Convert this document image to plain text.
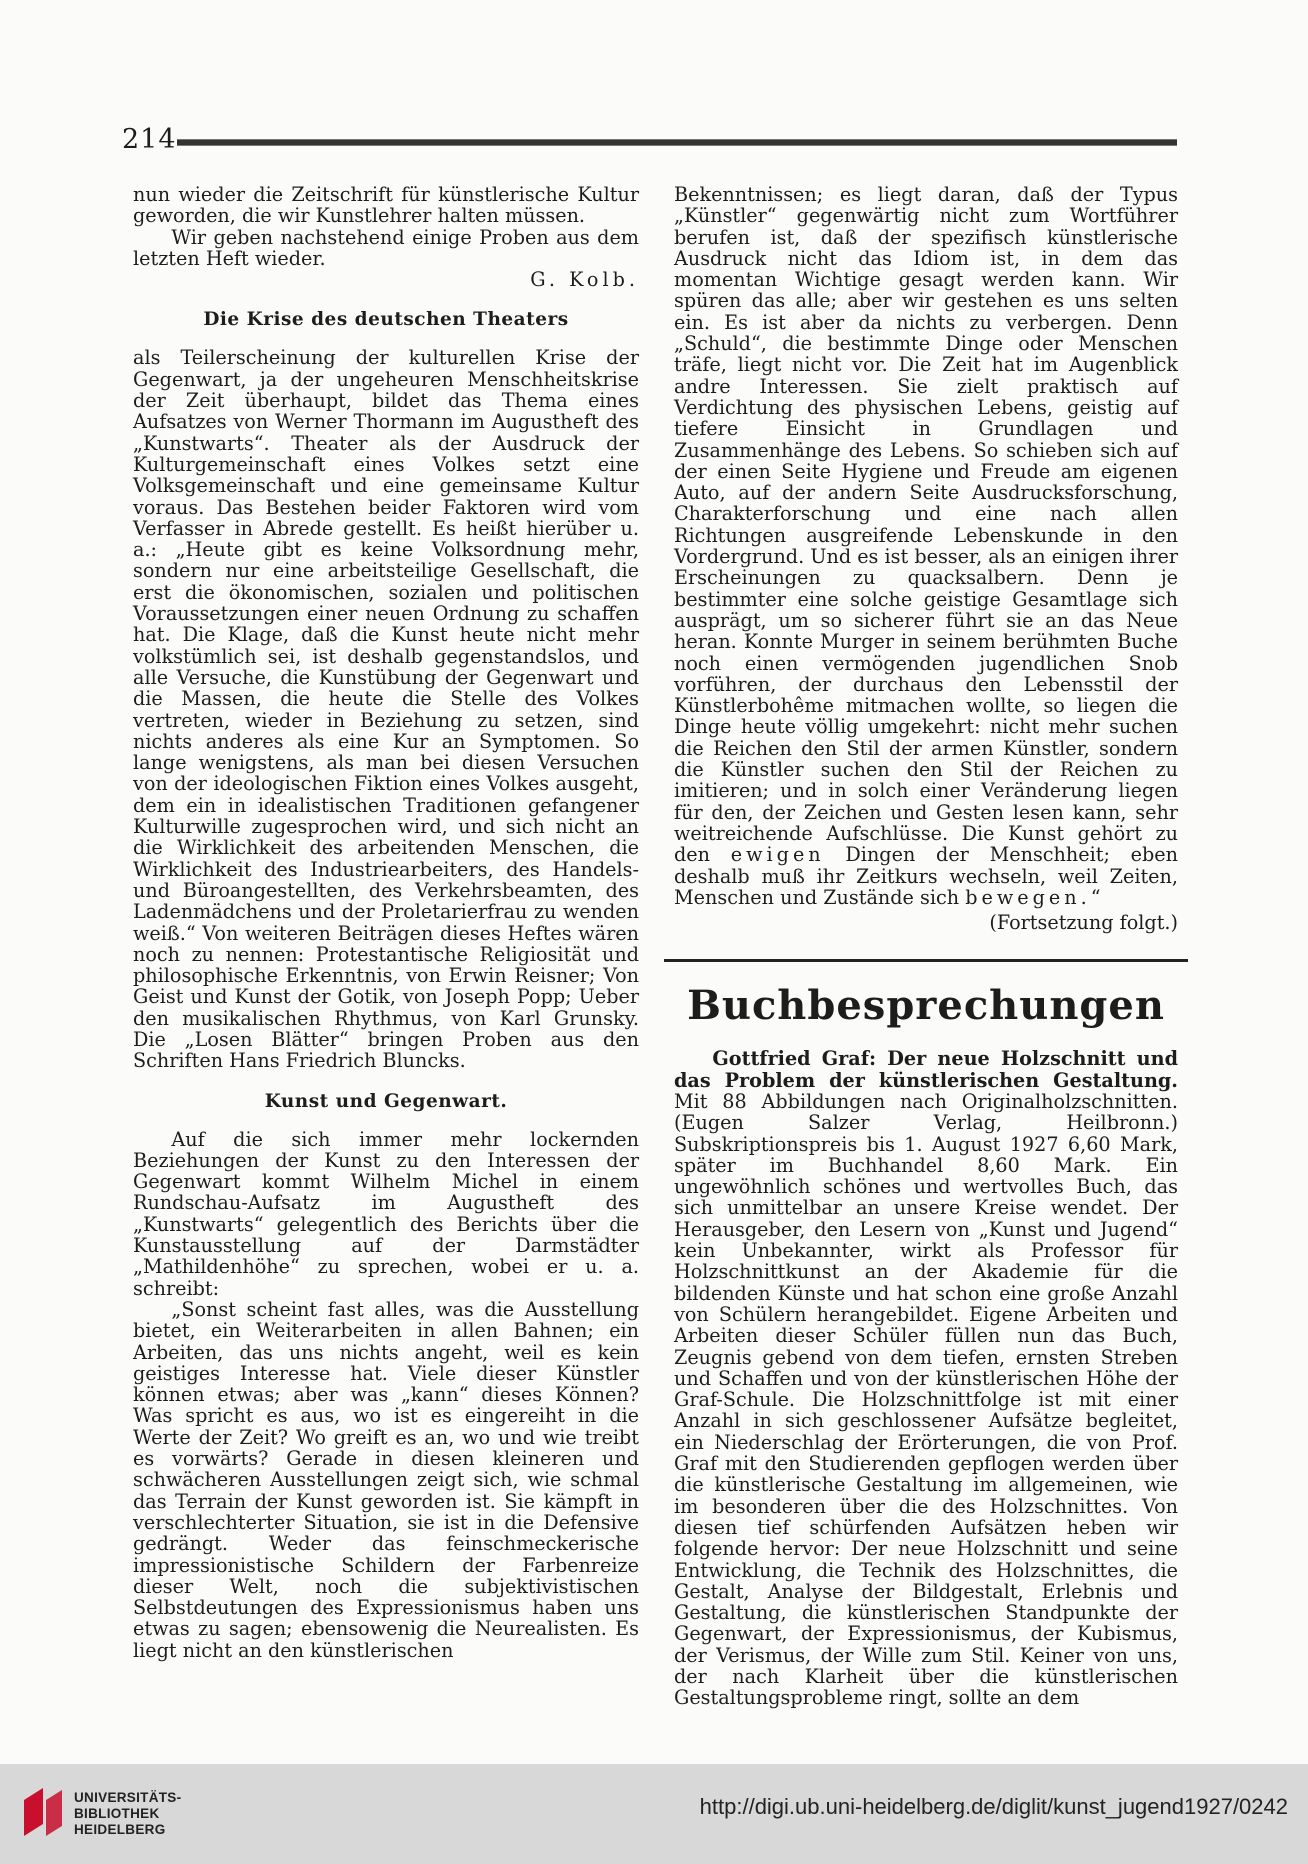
214

nun wieder die Zeitschrift für künstlerische Kultur geworden, die wir Kunstlehrer halten müssen.

Wir geben nachstehend einige Proben aus dem letzten Heft wieder.

G. Kolb.

Die Krise des deutschen Theaters

als Teilerscheinung der kulturellen Krise der Gegenwart, ja der ungeheuren Menschheitskrise der Zeit überhaupt, bildet das Thema eines Aufsatzes von Werner Thormann im Augustheft des „Kunstwarts“. Theater als der Ausdruck der Kulturgemeinschaft eines Volkes setzt eine Volksgemeinschaft und eine gemeinsame Kultur voraus. Das Bestehen beider Faktoren wird vom Verfasser in Abrede gestellt. Es heißt hierüber u. a.: „Heute gibt es keine Volksordnung mehr, sondern nur eine arbeitsteilige Gesellschaft, die erst die ökonomischen, sozialen und politischen Voraussetzungen einer neuen Ordnung zu schaffen hat. Die Klage, daß die Kunst heute nicht mehr volkstümlich sei, ist deshalb gegenstandslos, und alle Versuche, die Kunstübung der Gegenwart und die Massen, die heute die Stelle des Volkes vertreten, wieder in Beziehung zu setzen, sind nichts anderes als eine Kur an Symptomen. So lange wenigstens, als man bei diesen Versuchen von der ideologischen Fiktion eines Volkes ausgeht, dem ein in idealistischen Traditionen gefangener Kulturwille zugesprochen wird, und sich nicht an die Wirklichkeit des arbeitenden Menschen, die Wirklichkeit des Industriearbeiters, des Handels- und Büroangestellten, des Verkehrsbeamten, des Ladenmädchens und der Proletarierfrau zu wenden weiß.“ Von weiteren Beiträgen dieses Heftes wären noch zu nennen: Protestantische Religiosität und philosophische Erkenntnis, von Erwin Reisner; Von Geist und Kunst der Gotik, von Joseph Popp; Ueber den musikalischen Rhythmus, von Karl Grunsky. Die „Losen Blätter“ bringen Proben aus den Schriften Hans Friedrich Bluncks.

Kunst und Gegenwart.

Auf die sich immer mehr lockernden Beziehungen der Kunst zu den Interessen der Gegenwart kommt Wilhelm Michel in einem Rundschau-Aufsatz im Augustheft des „Kunstwarts“ gelegentlich des Berichts über die Kunstausstellung auf der Darmstädter „Mathildenhöhe“ zu sprechen, wobei er u. a. schreibt:

„Sonst scheint fast alles, was die Ausstellung bietet, ein Weiterarbeiten in allen Bahnen; ein Arbeiten, das uns nichts angeht, weil es kein geistiges Interesse hat. Viele dieser Künstler können etwas; aber was „kann“ dieses Können? Was spricht es aus, wo ist es eingereiht in die Werte der Zeit? Wo greift es an, wo und wie treibt es vorwärts? Gerade in diesen kleineren und schwächeren Ausstellungen zeigt sich, wie schmal das Terrain der Kunst geworden ist. Sie kämpft in verschlechterter Situation, sie ist in die Defensive gedrängt. Weder das feinschmeckerische impressionistische Schildern der Farbenreize dieser Welt, noch die subjektivistischen Selbstdeutungen des Expressionismus haben uns etwas zu sagen; ebensowenig die Neurealisten. Es liegt nicht an den künstlerischen

Bekenntnissen; es liegt daran, daß der Typus „Künstler“ gegenwärtig nicht zum Wortführer berufen ist, daß der spezifisch künstlerische Ausdruck nicht das Idiom ist, in dem das momentan Wichtige gesagt werden kann. Wir spüren das alle; aber wir gestehen es uns selten ein. Es ist aber da nichts zu verbergen. Denn „Schuld“, die bestimmte Dinge oder Menschen träfe, liegt nicht vor. Die Zeit hat im Augenblick andre Interessen. Sie zielt praktisch auf Verdichtung des physischen Lebens, geistig auf tiefere Einsicht in Grundlagen und Zusammenhänge des Lebens. So schieben sich auf der einen Seite Hygiene und Freude am eigenen Auto, auf der andern Seite Ausdrucksforschung, Charakterforschung und eine nach allen Richtungen ausgreifende Lebenskunde in den Vordergrund. Und es ist besser, als an einigen ihrer Erscheinungen zu quacksalbern. Denn je bestimmter eine solche geistige Gesamtlage sich ausprägt, um so sicherer führt sie an das Neue heran. Konnte Murger in seinem berühmten Buche noch einen vermögenden jugendlichen Snob vorführen, der durchaus den Lebensstil der Künstlerbohême mitmachen wollte, so liegen die Dinge heute völlig umgekehrt: nicht mehr suchen die Reichen den Stil der armen Künstler, sondern die Künstler suchen den Stil der Reichen zu imitieren; und in solch einer Veränderung liegen für den, der Zeichen und Gesten lesen kann, sehr weitreichende Aufschlüsse. Die Kunst gehört zu den ewigen Dingen der Menschheit; eben deshalb muß ihr Zeitkurs wechseln, weil Zeiten, Menschen und Zustände sich bewegen.“

(Fortsetzung folgt.)

Buchbesprechungen

Gottfried Graf: Der neue Holzschnitt und das Problem der künstlerischen Gestaltung. Mit 88 Abbildungen nach Originalholzschnitten. (Eugen Salzer Verlag, Heilbronn.) Subskriptionspreis bis 1. August 1927 6,60 Mark, später im Buchhandel 8,60 Mark. Ein ungewöhnlich schönes und wertvolles Buch, das sich unmittelbar an unsere Kreise wendet. Der Herausgeber, den Lesern von „Kunst und Jugend“ kein Unbekannter, wirkt als Professor für Holzschnittkunst an der Akademie für die bildenden Künste und hat schon eine große Anzahl von Schülern herangebildet. Eigene Arbeiten und Arbeiten dieser Schüler füllen nun das Buch, Zeugnis gebend von dem tiefen, ernsten Streben und Schaffen und von der künstlerischen Höhe der Graf-Schule. Die Holzschnittfolge ist mit einer Anzahl in sich geschlossener Aufsätze begleitet, ein Niederschlag der Erörterungen, die von Prof. Graf mit den Studierenden gepflogen werden über die künstlerische Gestaltung im allgemeinen, wie im besonderen über die des Holzschnittes. Von diesen tief schürfenden Aufsätzen heben wir folgende hervor: Der neue Holzschnitt und seine Entwicklung, die Technik des Holzschnittes, die Gestalt, Analyse der Bildgestalt, Erlebnis und Gestaltung, die künstlerischen Standpunkte der Gegenwart, der Expressionismus, der Kubismus, der Verismus, der Wille zum Stil. Keiner von uns, der nach Klarheit über die künstlerischen Gestaltungsprobleme ringt, sollte an dem

UNIVERSITÄTS-
BIBLIOTHEK
HEIDELBERG
http://digi.ub.uni-heidelberg.de/diglit/kunst_jugend1927/0242
